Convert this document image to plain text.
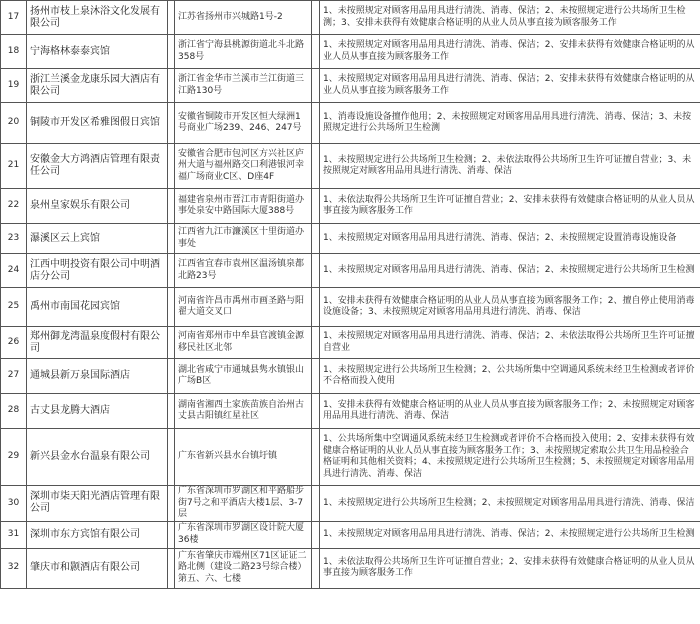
17	扬州市枝上泉沐浴文化发展有限公司		江苏省扬州市兴城路1号-2		1、未按照规定对顾客用品用具进行清洗、消毒、保洁；2、未按照规定进行公共场所卫生检测；3、安排未获得有效健康合格证明的从业人员从事直接为顾客服务工作
18	宁海格林泰泰宾馆		浙江省宁海县桃源街道北斗北路358号		1、未按照规定对顾客用品用具进行清洗、消毒、保洁；2、安排未获得有效健康合格证明的从业人员从事直接为顾客服务工作
19	浙江兰溪金龙康乐园大酒店有限公司		浙江省金华市兰溪市兰江街道三江路130号		1、未按照规定对顾客用品用具进行清洗、消毒、保洁；2、安排未获得有效健康合格证明的从业人员从事直接为顾客服务工作
20	铜陵市开发区希雅图假日宾馆		安徽省铜陵市开发区恒大绿洲1号商业广场239、246、247号		1、消毒设施设备擅作他用；2、未按照规定对顾客用品用具进行清洗、消毒、保洁；3、未按照规定进行公共场所卫生检测
21	安徽金大方鸿酒店管理有限责任公司		安徽省合肥市包河区方兴社区庐州大道与福州路交口利港银河幸福广场商业C区、D座4F		1、未按照规定进行公共场所卫生检测；2、未依法取得公共场所卫生许可证擅自营业；3、未按照规定对顾客用品用具进行清洗、消毒、保洁
22	泉州皇家娱乐有限公司		福建省泉州市晋江市青阳街道办事处泉安中路国际大厦388号		1、未依法取得公共场所卫生许可证擅自营业；2、安排未获得有效健康合格证明的从业人员从事直接为顾客服务工作
23	瀑溪区云上宾馆		江西省九江市濂溪区十里街道办事处		1、未按照规定对顾客用品用具进行清洗、消毒、保洁；2、未按照规定设置消毒设施设备
24	江西中明投资有限公司中明酒店分公司		江西省宜春市袁州区温汤镇泉都北路23号		1、未按照规定对顾客用品用具进行清洗、消毒、保洁；2、未按照规定进行公共场所卫生检测
25	禹州市南国花园宾馆		河南省许昌市禹州市画圣路与阳翟大道交叉口		1、安排未获得有效健康合格证明的从业人员从事直接为顾客服务工作；2、擅自停止使用消毒设施设备；3、未按照规定对顾客用品用具进行清洗、消毒、保洁
26	郑州御龙湾温泉度假村有限公司		河南省郑州市中牟县官渡镇金源移民社区北邻		1、未按照规定对顾客用品用具进行清洗、消毒、保洁；2、未依法取得公共场所卫生许可证擅自营业
27	通城县新万泉国际酒店		湖北省咸宁市通城县隽水镇银山广场B区		1、未按照规定进行公共场所卫生检测；2、公共场所集中空调通风系统未经卫生检测或者评价不合格而投入使用
28	古丈县龙腾大酒店		湖南省湘西土家族苗族自治州古丈县古阳镇红星社区		1、安排未获得有效健康合格证明的从业人员从事直接为顾客服务工作；2、未按照规定对顾客用品用具进行清洗、消毒、保洁
29	新兴县金水台温泉有限公司		广东省新兴县水台镇圩镇		1、公共场所集中空调通风系统未经卫生检测或者评价不合格而投入使用；2、安排未获得有效健康合格证明的从业人员从事直接为顾客服务工作；3、未按照规定索取公共卫生用品检验合格证明和其他相关资料；4、未按照规定进行公共场所卫生检测；5、未按照规定对顾客用品用具进行清洗、消毒、保洁
30	深圳市柒天阳光酒店管理有限公司		广东省深圳市罗湖区和平路船步街7号之和平酒店大楼1层、3-7层		1、未按照规定进行公共场所卫生检测；2、未按照规定对顾客用品用具进行清洗、消毒、保洁
31	深圳市东方宾馆有限公司		广东省深圳市罗湖区设计院大厦36楼		1、未按照规定对顾客用品用具进行清洗、消毒、保洁；2、未按照规定进行公共场所卫生检测
32	肇庆市和颢酒店有限公司		广东省肇庆市端州区71区证证二路北侧（建设二路23号综合楼）第五、六、七楼		1、未依法取得公共场所卫生许可证擅自营业；2、安排未获得有效健康合格证明的从业人员从事直接为顾客服务工作
